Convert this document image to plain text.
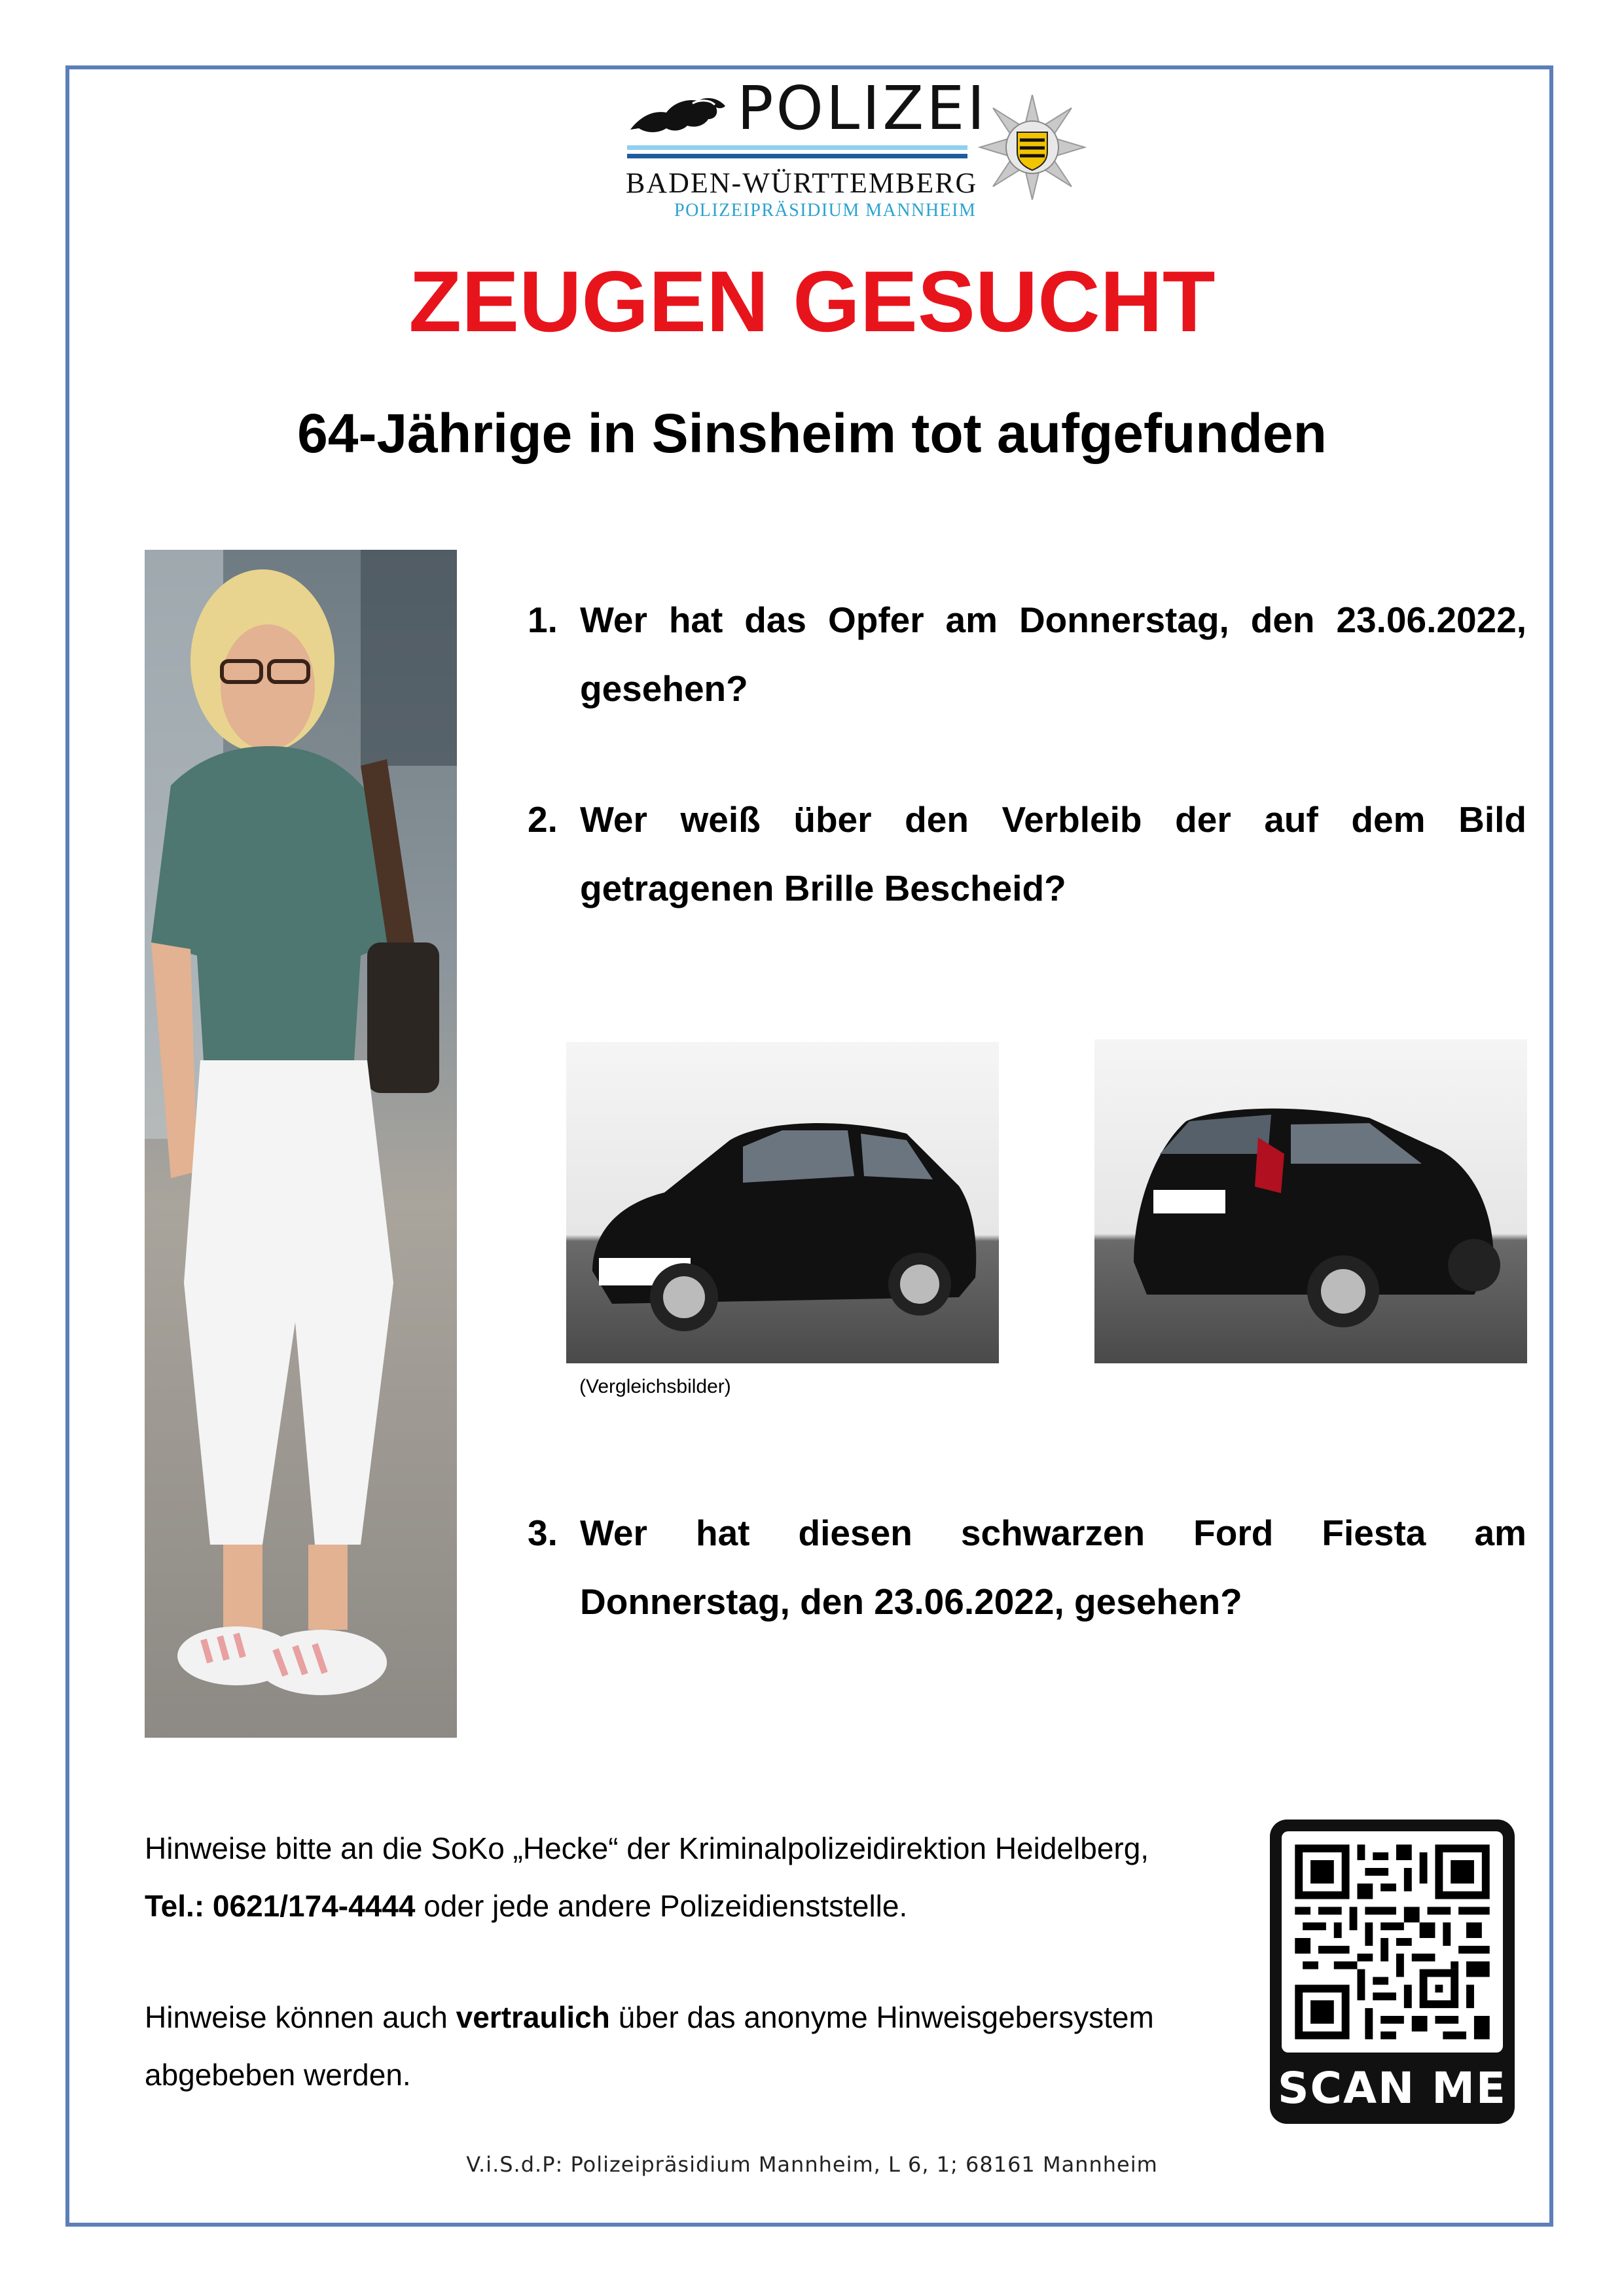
POLIZEI
BADEN-WÜRTTEMBERG
POLIZEIPRÄSIDIUM MANNHEIM
ZEUGEN GESUCHT
64-Jährige in Sinsheim tot aufgefunden
1. Wer hat das Opfer am Donnerstag, den 23.06.2022,
gesehen?
2. Wer weiß über den Verbleib der auf dem Bild
getragenen Brille Bescheid?
(Vergleichsbilder)
3. Wer hat diesen schwarzen Ford Fiesta am
Donnerstag, den 23.06.2022, gesehen?
Hinweise bitte an die SoKo „Hecke“ der Kriminalpolizeidirektion Heidelberg,
Tel.: 0621/174-4444 oder jede andere Polizeidienststelle.
Hinweise können auch vertraulich über das anonyme Hinweisgebersystem
abgebeben werden.	SCAN ME
V.i.S.d.P: Polizeipräsidium Mannheim, L 6, 1; 68161 Mannheim
